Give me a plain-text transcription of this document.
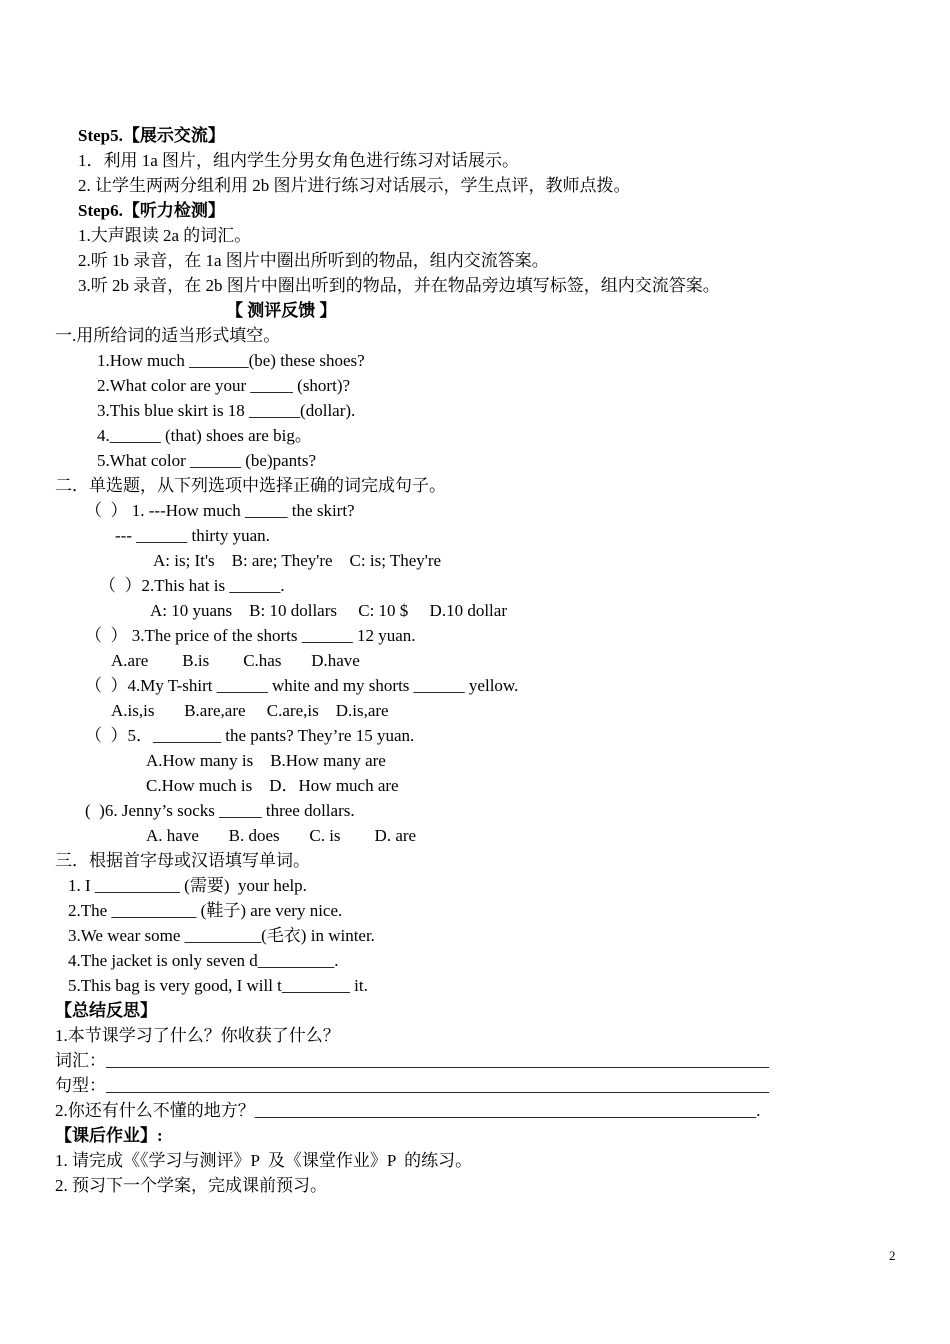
Step5.【展示交流】
1．利用 1a 图片，组内学生分男女角色进行练习对话展示。
2. 让学生两两分组利用 2b 图片进行练习对话展示，学生点评，教师点拨。
Step6.【听力检测】
1.大声跟读 2a 的词汇。
2.听 1b 录音，在 1a 图片中圈出所听到的物品，组内交流答案。
3.听 2b 录音，在 2b 图片中圈出听到的物品，并在物品旁边填写标签，组内交流答案。
【 测评反馈 】
一.用所给词的适当形式填空。
1.How much _______(be) these shoes?
2.What color are your _____ (short)?
3.This blue skirt is 18 ______(dollar).
4.______ (that) shoes are big。
5.What color ______ (be)pants?
二．单选题，从下列选项中选择正确的词完成句子。
（  ） 1. ---How much _____ the skirt?
--- ______ thirty yuan.
A: is; It's    B: are; They're    C: is; They're
（  ）2.This hat is ______.
A: 10 yuans    B: 10 dollars     C: 10 $     D.10 dollar
（  ） 3.The price of the shorts ______ 12 yuan.
A.are        B.is        C.has       D.have
（  ）4.My T-shirt ______ white and my shorts ______ yellow.
A.is,is       B.are,are     C.are,is    D.is,are
（  ）5．________ the pants? They’re 15 yuan.
A.How many is    B.How many are
C.How much is    D．How much are
(  )6. Jenny’s socks _____ three dollars.
A. have       B. does       C. is        D. are
三．根据首字母或汉语填写单词。
1. I __________ (需要)  your help.
2.The __________ (鞋子) are very nice.
3.We wear some _________(毛衣) in winter.
4.The jacket is only seven d_________.
5.This bag is very good, I will t________ it.
【总结反思】
1.本节课学习了什么？你收获了什么？
词汇：______________________________________________________________________________
句型：______________________________________________________________________________
2.你还有什么不懂的地方？___________________________________________________________.
【课后作业】:
1. 请完成《《学习与测评》P  及《课堂作业》P  的练习。
2. 预习下一个学案，完成课前预习。
2
